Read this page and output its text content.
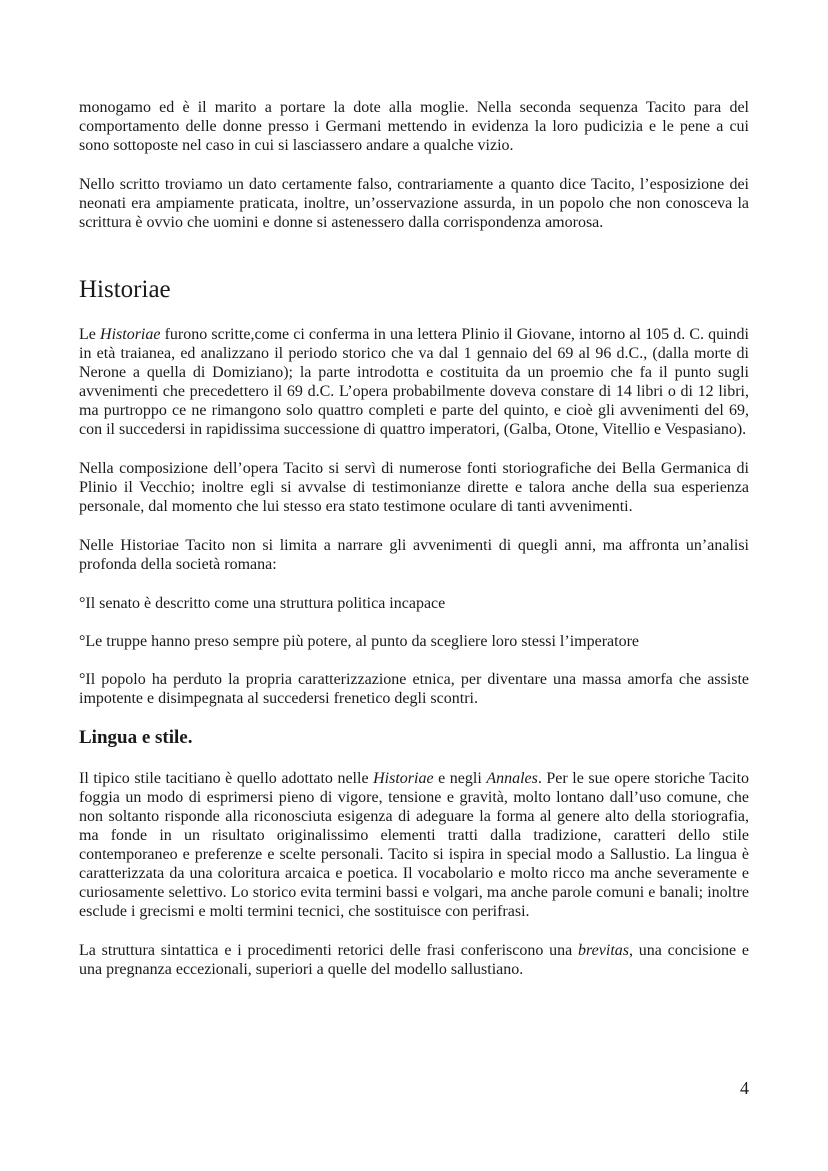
monogamo ed è il marito a portare la dote alla moglie. Nella seconda sequenza Tacito para del comportamento delle donne presso i Germani mettendo in evidenza la loro pudicizia e le pene a cui sono sottoposte nel caso in cui si lasciassero andare a qualche vizio.

Nello scritto troviamo un dato certamente falso, contrariamente a quanto dice Tacito, l’esposizione dei neonati era ampiamente praticata, inoltre, un’osservazione assurda, in un popolo che non conosceva la scrittura è ovvio che uomini e donne si astenessero dalla corrispondenza amorosa.

Historiae

Le Historiae furono scritte,come ci conferma in una lettera Plinio il Giovane, intorno al 105 d. C. quindi in età traianea, ed analizzano il periodo storico che va dal 1 gennaio del 69 al 96 d.C., (dalla morte di Nerone a quella di Domiziano); la parte introdotta e costituita da un proemio che fa il punto sugli avvenimenti che precedettero il 69 d.C. L’opera probabilmente doveva constare di 14 libri o di 12 libri, ma purtroppo ce ne rimangono solo quattro completi e parte del quinto, e cioè gli avvenimenti del 69, con il succedersi in rapidissima successione di quattro imperatori, (Galba, Otone, Vitellio e Vespasiano).

Nella composizione dell’opera Tacito si servì di numerose fonti storiografiche dei Bella Germanica di Plinio il Vecchio; inoltre egli si avvalse di testimonianze dirette e talora anche della sua esperienza personale, dal momento che lui stesso era stato testimone oculare di tanti avvenimenti.

Nelle Historiae Tacito non si limita a narrare gli avvenimenti di quegli anni, ma affronta un’analisi profonda della società romana:

°Il senato è descritto come una struttura politica incapace

°Le truppe hanno preso sempre più potere, al punto da scegliere loro stessi l’imperatore

°Il popolo ha perduto la propria caratterizzazione etnica, per diventare una massa amorfa che assiste impotente e disimpegnata al succedersi frenetico degli scontri.

Lingua e stile.

Il tipico stile tacitiano è quello adottato nelle Historiae e negli Annales. Per le sue opere storiche Tacito foggia un modo di esprimersi pieno di vigore, tensione e gravità, molto lontano dall’uso comune, che non soltanto risponde alla riconosciuta esigenza di adeguare la forma al genere alto della storiografia, ma fonde in un risultato originalissimo elementi tratti dalla tradizione, caratteri dello stile contemporaneo e preferenze e scelte personali. Tacito si ispira in special modo a Sallustio. La lingua è caratterizzata da una coloritura arcaica e poetica. Il vocabolario e molto ricco ma anche severamente e curiosamente selettivo. Lo storico evita termini bassi e volgari, ma anche parole comuni e banali; inoltre esclude i grecismi e molti termini tecnici, che sostituisce con perifrasi.

La struttura sintattica e i procedimenti retorici delle frasi conferiscono una brevitas, una concisione e una pregnanza eccezionali, superiori a quelle del modello sallustiano.

4
